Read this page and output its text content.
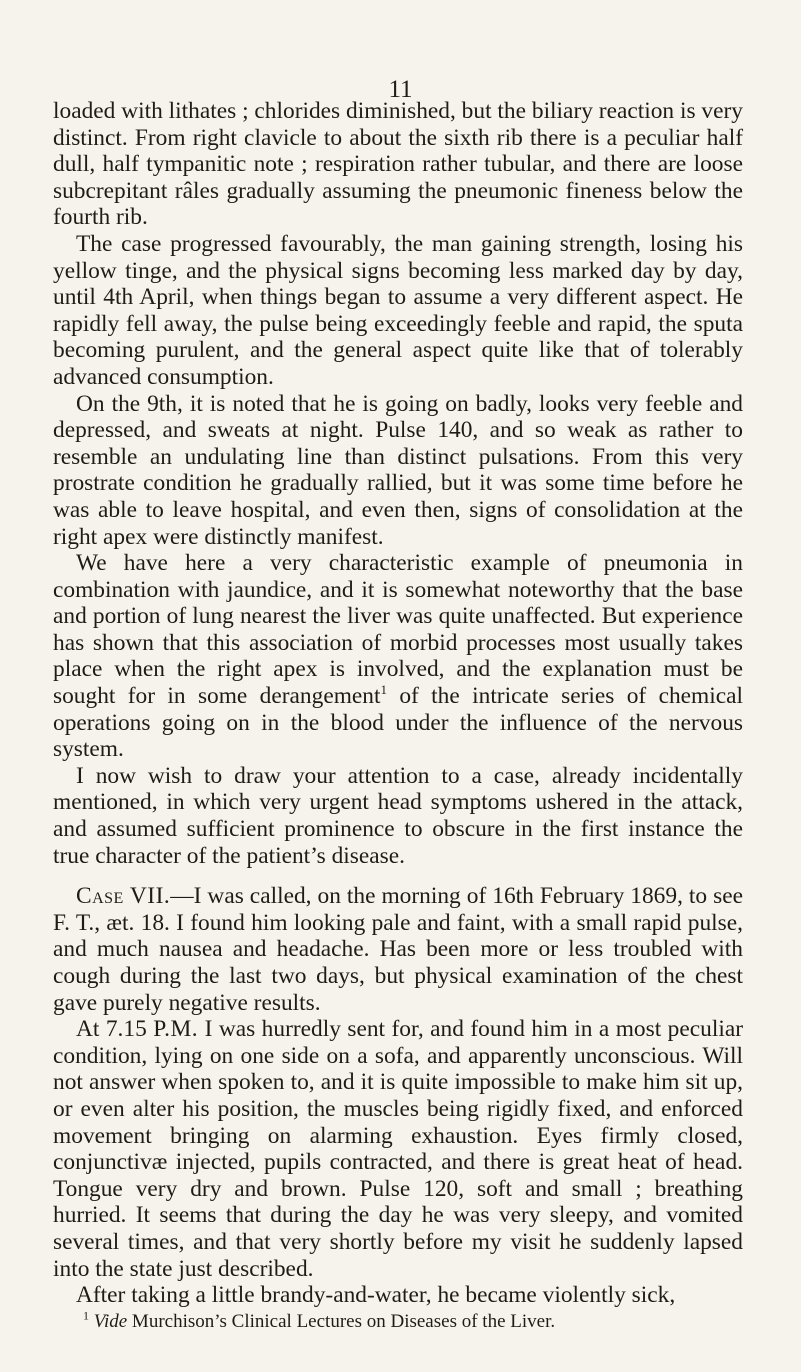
11

loaded with lithates ; chlorides diminished, but the biliary reaction is very distinct. From right clavicle to about the sixth rib there is a peculiar half dull, half tympanitic note ; respiration rather tubular, and there are loose subcrepitant râles gradually assuming the pneumonic fineness below the fourth rib.

The case progressed favourably, the man gaining strength, losing his yellow tinge, and the physical signs becoming less marked day by day, until 4th April, when things began to assume a very different aspect. He rapidly fell away, the pulse being exceedingly feeble and rapid, the sputa becoming purulent, and the general aspect quite like that of tolerably advanced consumption.

On the 9th, it is noted that he is going on badly, looks very feeble and depressed, and sweats at night. Pulse 140, and so weak as rather to resemble an undulating line than distinct pulsations. From this very prostrate condition he gradually rallied, but it was some time before he was able to leave hospital, and even then, signs of consolidation at the right apex were distinctly manifest.

We have here a very characteristic example of pneumonia in combination with jaundice, and it is somewhat noteworthy that the base and portion of lung nearest the liver was quite unaffected. But experience has shown that this association of morbid processes most usually takes place when the right apex is involved, and the explanation must be sought for in some derangement$^1$ of the intricate series of chemical operations going on in the blood under the influence of the nervous system.

I now wish to draw your attention to a case, already incidentally mentioned, in which very urgent head symptoms ushered in the attack, and assumed sufficient prominence to obscure in the first instance the true character of the patient’s disease.

Case VII.—I was called, on the morning of 16th February 1869, to see F. T., æt. 18. I found him looking pale and faint, with a small rapid pulse, and much nausea and headache. Has been more or less troubled with cough during the last two days, but physical examination of the chest gave purely negative results.

At 7.15 P.M. I was hurredly sent for, and found him in a most peculiar condition, lying on one side on a sofa, and apparently unconscious. Will not answer when spoken to, and it is quite impossible to make him sit up, or even alter his position, the muscles being rigidly fixed, and enforced movement bringing on alarming exhaustion. Eyes firmly closed, conjunctivæ injected, pupils contracted, and there is great heat of head. Tongue very dry and brown. Pulse 120, soft and small ; breathing hurried. It seems that during the day he was very sleepy, and vomited several times, and that very shortly before my visit he suddenly lapsed into the state just described.

After taking a little brandy-and-water, he became violently sick,

$^1$ Vide Murchison’s Clinical Lectures on Diseases of the Liver.
